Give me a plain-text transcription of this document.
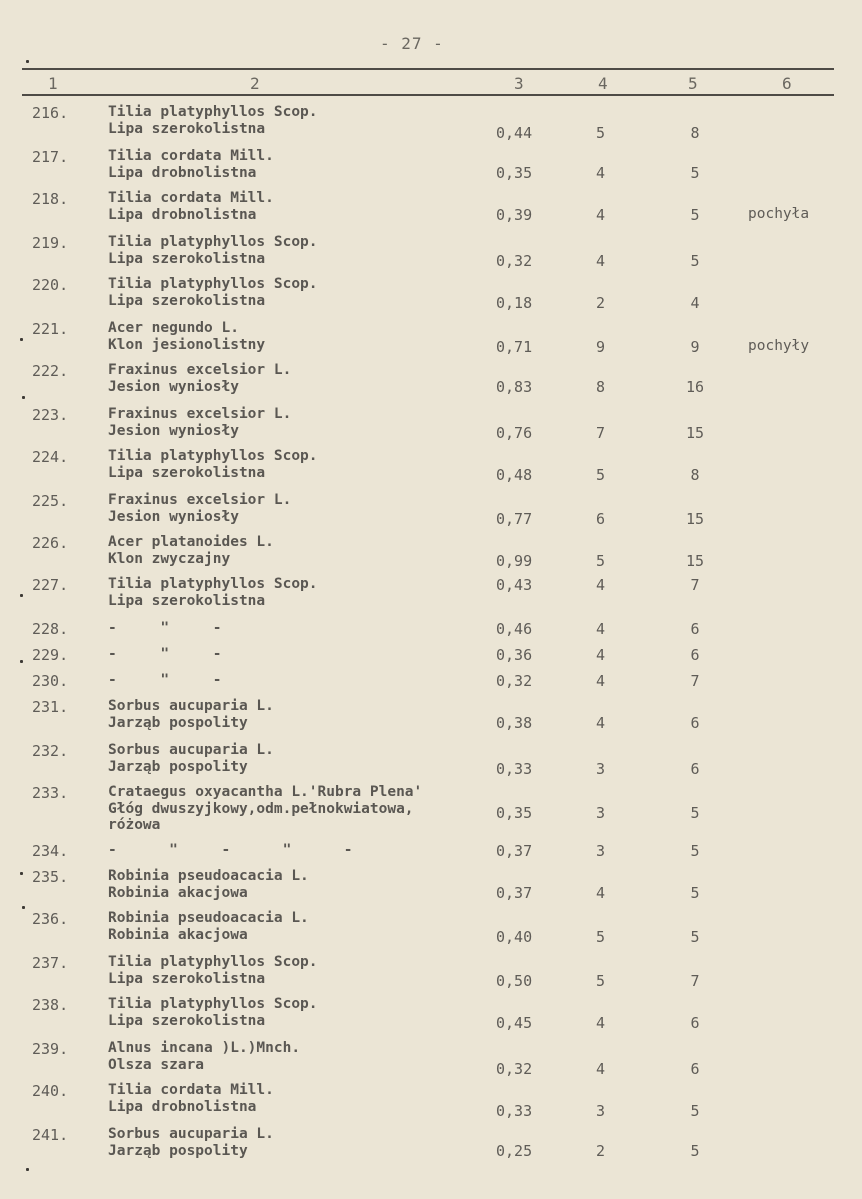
- 27 -
1	2	3	4	5	6
216.	Tilia platyphyllos Scop.
Lipa szerokolistna	0,44	5	8
217.	Tilia cordata Mill.
Lipa drobnolistna	0,35	4	5
218.	Tilia cordata Mill.
Lipa drobnolistna	0,39	4	5	pochyła
219.	Tilia platyphyllos Scop.
Lipa szerokolistna	0,32	4	5
220.	Tilia platyphyllos Scop.
Lipa szerokolistna	0,18	2	4
221.	Acer negundo L.
Klon jesionolistny	0,71	9	9	pochyły
222.	Fraxinus excelsior L.
Jesion wyniosły	0,83	8	16
223.	Fraxinus excelsior L.
Jesion wyniosły	0,76	7	15
224.	Tilia platyphyllos Scop.
Lipa szerokolistna	0,48	5	8
225.	Fraxinus excelsior L.
Jesion wyniosły	0,77	6	15
226.	Acer platanoides L.
Klon zwyczajny	0,99	5	15
227.	Tilia platyphyllos Scop.
Lipa szerokolistna
0,43	4	7
228.	-     "     -	0,46	4	6
229.	-     "     -	0,36	4	6
230.	-     "     -	0,32	4	7
231.	Sorbus aucuparia L.
Jarząb pospolity	0,38	4	6
232.	Sorbus aucuparia L.
Jarząb pospolity	0,33	3	6
233.	Crataegus oxyacantha L.'Rubra Plena'
Głóg dwuszyjkowy,odm.pełnokwiatowa,
różowa
0,35	3	5
234.	-      "     -      "      -	0,37	3	5
235.	Robinia pseudoacacia L.
Robinia akacjowa	0,37	4	5
236.	Robinia pseudoacacia L.
Robinia akacjowa	0,40	5	5
237.	Tilia platyphyllos Scop.
Lipa szerokolistna	0,50	5	7
238.	Tilia platyphyllos Scop.
Lipa szerokolistna	0,45	4	6
239.	Alnus incana )L.)Mnch.
Olsza szara	0,32	4	6
240.	Tilia cordata Mill.
Lipa drobnolistna	0,33	3	5
241.	Sorbus aucuparia L.
Jarząb pospolity	0,25	2	5
